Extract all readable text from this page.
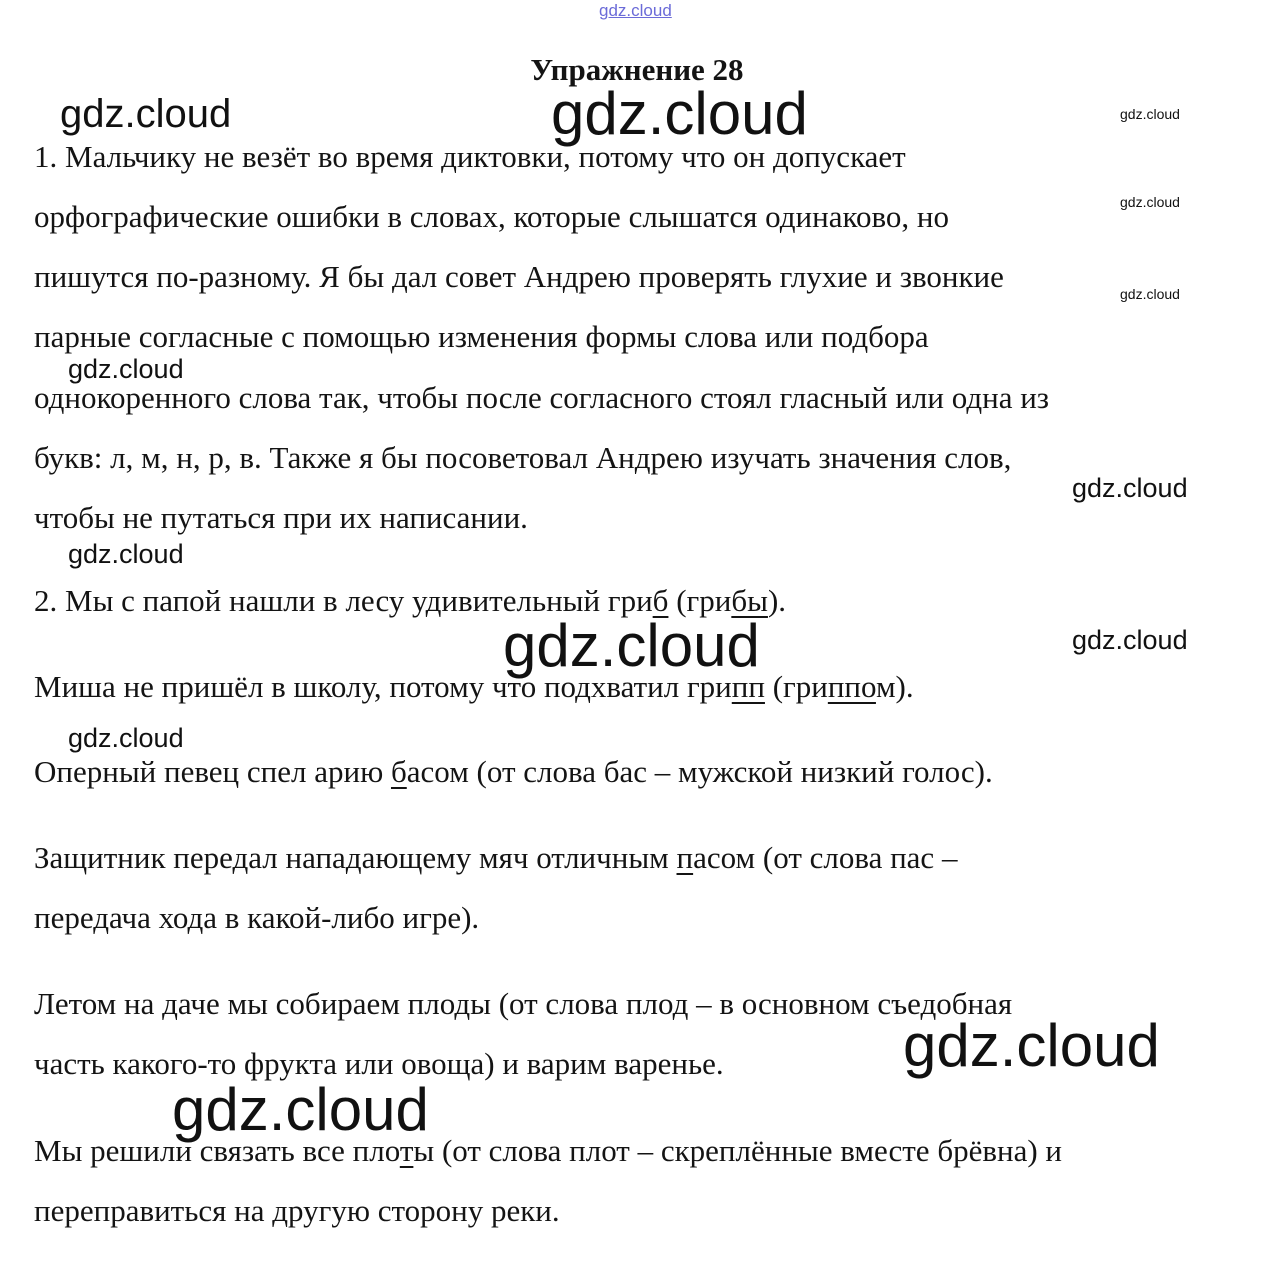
Упражнение 28
1. Мальчику не везёт во время диктовки, потому что он допускает
орфографические ошибки в словах, которые слышатся одинаково, но
пишутся по-разному. Я бы дал совет Андрею проверять глухие и звонкие
парные согласные с помощью изменения формы слова или подбора
однокоренного слова так, чтобы после согласного стоял гласный или одна из
букв: л, м, н, р, в. Также я бы посоветовал Андрею изучать значения слов,
чтобы не путаться при их написании.
2. Мы с папой нашли в лесу удивительный гриб (грибы).
Миша не пришёл в школу, потому что подхватил грипп (гриппом).
Оперный певец спел арию басом (от слова бас – мужской низкий голос).
Защитник передал нападающему мяч отличным пасом (от слова пас –
передача хода в какой-либо игре).
Летом на даче мы собираем плоды (от слова плод – в основном съедобная
часть какого-то фрукта или овоща) и варим варенье.
Мы решили связать все плоты (от слова плот – скреплённые вместе брёвна) и
переправиться на другую сторону реки.
gdz.cloud
gdz.cloud	gdz.cloud	gdz.cloud
gdz.cloud
gdz.cloud
gdz.cloud
gdz.cloud
gdz.cloud
gdz.cloud	gdz.cloud
gdz.cloud
gdz.cloud
gdz.cloud
